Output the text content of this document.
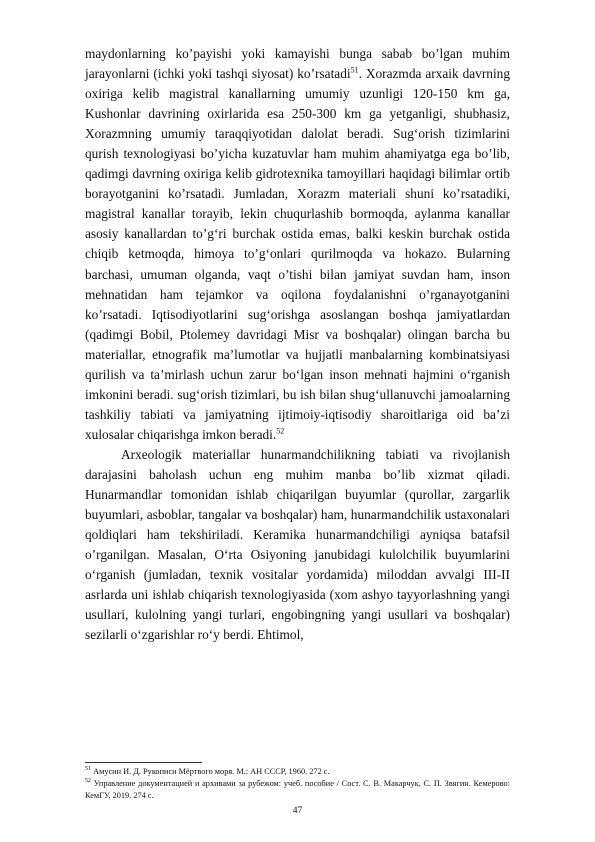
maydonlarning ko’payishi yoki kamayishi bunga sabab bo’lgan muhim jarayonlarni (ichki yoki tashqi siyosat) ko’rsatadi$^{51}$. Xorazmda arxaik davrning oxiriga kelib magistral kanallarning umumiy uzunligi 120-150 km ga, Kushonlar davrining oxirlarida esa 250-300 km ga yetganligi, shubhasiz, Xorazmning umumiy taraqqiyotidan dalolat beradi. Sug‘orish tizimlarini qurish texnologiyasi bo’yicha kuzatuvlar ham muhim ahamiyatga ega bo’lib, qadimgi davrning oxiriga kelib gidrotexnika tamoyillari haqidagi bilimlar ortib borayotganini ko’rsatadi. Jumladan, Xorazm materiali shuni ko’rsatadiki, magistral kanallar torayib, lekin chuqurlashib bormoqda, aylanma kanallar asosiy kanallardan to’g‘ri burchak ostida emas, balki keskin burchak ostida chiqib ketmoqda, himoya to’g‘onlari qurilmoqda va hokazo. Bularning barchasi, umuman olganda, vaqt o’tishi bilan jamiyat suvdan ham, inson mehnatidan ham tejamkor va oqilona foydalanishni o’rganayotganini ko’rsatadi. Iqtisodiyotlarini sug‘orishga asoslangan boshqa jamiyatlardan (qadimgi Bobil, Ptolemey davridagi Misr va boshqalar) olingan barcha bu materiallar, etnografik maʼlumotlar va hujjatli manbalarning kombinatsiyasi qurilish va taʼmirlash uchun zarur bo‘lgan inson mehnati hajmini o‘rganish imkonini beradi. sug‘orish tizimlari, bu ish bilan shug‘ullanuvchi jamoalarning tashkiliy tabiati va jamiyatning ijtimoiy-iqtisodiy sharoitlariga oid baʼzi xulosalar chiqarishga imkon beradi.$^{52}$

Arxeologik materiallar hunarmandchilikning tabiati va rivojlanish darajasini baholash uchun eng muhim manba bo’lib xizmat qiladi. Hunarmandlar tomonidan ishlab chiqarilgan buyumlar (qurollar, zargarlik buyumlari, asboblar, tangalar va boshqalar) ham, hunarmandchilik ustaxonalari qoldiqlari ham tekshiriladi. Keramika hunarmandchiligi ayniqsa batafsil o’rganilgan. Masalan, O‘rta Osiyoning janubidagi kulolchilik buyumlarini o‘rganish (jumladan, texnik vositalar yordamida) miloddan avvalgi III-II asrlarda uni ishlab chiqarish texnologiyasida (xom ashyo tayyorlashning yangi usullari, kulolning yangi turlari, engobingning yangi usullari va boshqalar) sezilarli o‘zgarishlar ro‘y berdi. Ehtimol,

$^{51}$ Амусин И. Д. Рукописи Мёртвого моря. М.: АН СССР, 1960. 272 с.

$^{52}$ Управление документацией и архивами за рубежом: учеб. пособие / Сост. С. В. Макарчук, С. П. Звягин. Кемерово: КемГУ, 2019. 274 с.

47
